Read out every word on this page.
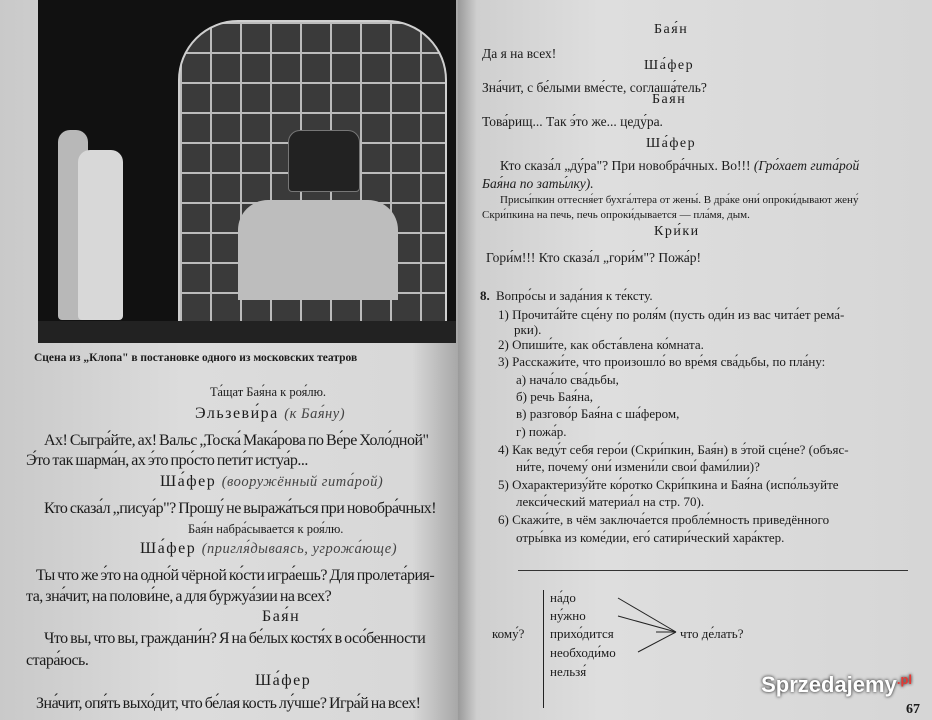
Сцена из „Клопа" в постановке одного из московских театров
Та́щат Бая́на к роя́лю.
Эльзеви́ра (к Бая́ну)
Ах! Сыгра́йте, ах! Вальс „Тоска́ Мака́рова по Ве́ре Холо́дной"
Э́то так шарма́н, ах э́то про́сто пети́т истуа́р...
Ша́фер (вооружённый гита́рой)
Кто сказа́л „писуа́р"? Прошу́ не выража́ться при новобра́чных!
Бая́н набра́сывается к роя́лю.
Ша́фер (пригля́дываясь, угрожа́юще)
Ты что же э́то на одно́й чёрной ко́сти игра́ешь? Для пролета́рия-
та, зна́чит, на полови́не, а для буржуа́зии на всех?
Бая́н
Что вы, что вы, граждани́н? Я на бе́лых костя́х в осо́бенности
стара́юсь.
Ша́фер
Зна́чит, опя́ть выхо́дит, что бе́лая кость лу́чше? Игра́й на всех!
Бая́н
Да я на всех!
Ша́фер
Зна́чит, с бе́лыми вме́сте, соглаша́тель?
Бая́н
Това́рищ... Так э́то же... цеду́ра.
Ша́фер
Кто сказа́л „ду́ра"? При новобра́чных. Во!!! (Гро́хает гита́рой
Бая́на по заты́лку).
Присы́пкин оттесня́ет бухга́лтера от жены́. В дра́ке они́ опроки́дывают жену́
Скри́пкина на печь, печь опроки́дывается — пла́мя, дым.
Кри́ки
Гори́м!!! Кто сказа́л „гори́м"? Пожа́р!
8. Вопро́сы и зада́ния к те́ксту.
1) Прочита́йте сце́ну по роля́м (пусть оди́н из вас чита́ет рема́-
рки).
2) Опиши́те, как обста́влена ко́мната.
3) Расскажи́те, что произошло́ во вре́мя сва́дьбы, по пла́ну:
а) нача́ло сва́дьбы,
б) речь Бая́на,
в) разгово́р Бая́на с ша́фером,
г) пожа́р.
4) Как веду́т себя геро́и (Скри́пкин, Бая́н) в э́той сце́не? (объяс-
ни́те, почему́ они́ измени́ли свои́ фами́лии)?
5) Охарактеризу́йте ко́ротко Скри́пкина и Бая́на (испо́льзуйте
лекси́ческий материа́л на стр. 70).
6) Скажи́те, в чём заключа́ется пробле́мность приведённого
отры́вка из коме́дии, его́ сатири́ческий хара́ктер.
кому́?
на́до
ну́жно
прихо́дится
необходи́мо
нельзя́
что де́лать?
Sprzedajemy$^{.pl}$
67
